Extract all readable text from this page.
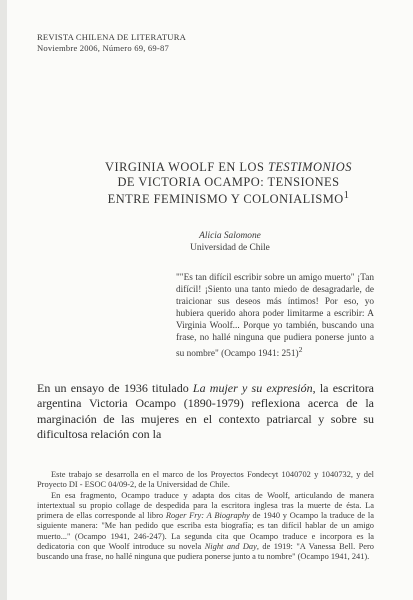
REVISTA CHILENA DE LITERATURA
Noviembre 2006, Número 69, 69-87
VIRGINIA WOOLF EN LOS TESTIMONIOS DE VICTORIA OCAMPO: TENSIONES ENTRE FEMINISMO Y COLONIALISMO$^1$
Alicia Salomone
Universidad de Chile
""Es tan difícil escribir sobre un amigo muerto" ¡Tan difícil! ¡Siento una tanto miedo de desagradarle, de traicionar sus deseos más íntimos! Por eso, yo hubiera querido ahora poder limitarme a escribir: A Virginia Woolf... Porque yo también, buscando una frase, no hallé ninguna que pudiera ponerse junto a su nombre" (Ocampo 1941: 251)$^2$
En un ensayo de 1936 titulado La mujer y su expresión, la escritora argentina Victoria Ocampo (1890-1979) reflexiona acerca de la marginación de las mujeres en el contexto patriarcal y sobre su dificultosa relación con la

Este trabajo se desarrolla en el marco de los Proyectos Fondecyt 1040702 y 1040732, y del Proyecto DI - ESOC 04/09-2, de la Universidad de Chile.

En esa fragmento, Ocampo traduce y adapta dos citas de Woolf, articulando de manera intertextual su propio collage de despedida para la escritora inglesa tras la muerte de ésta. La primera de ellas corresponde al libro Roger Fry: A Biography de 1940 y Ocampo la traduce de la siguiente manera: "Me han pedido que escriba esta biografía; es tan difícil hablar de un amigo muerto..." (Ocampo 1941, 246-247). La segunda cita que Ocampo traduce e incorpora es la dedicatoria con que Woolf introduce su novela Night and Day, de 1919: "A Vanessa Bell. Pero buscando una frase, no hallé ninguna que pudiera ponerse junto a tu nombre" (Ocampo 1941, 241).
